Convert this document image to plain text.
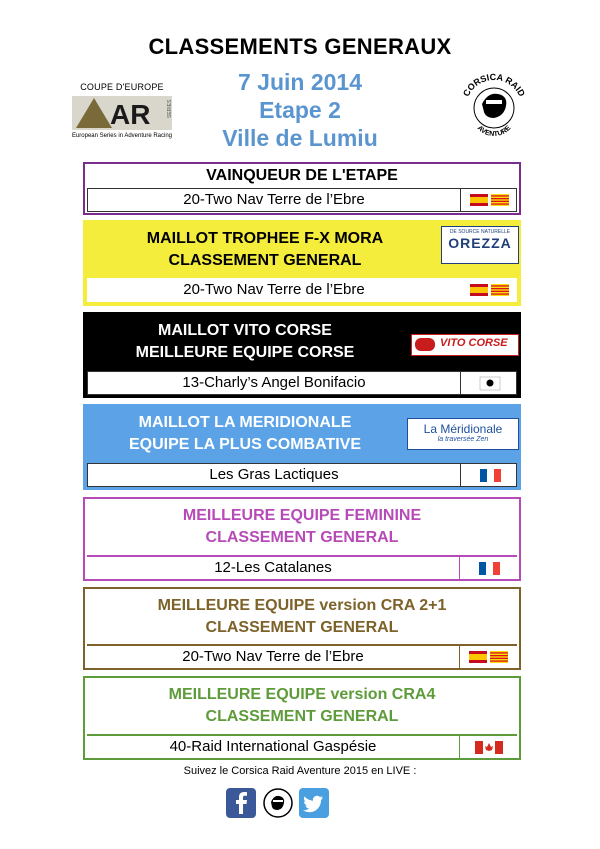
CLASSEMENTS GENERAUX
7 Juin 2014
Etape 2
Ville de Lumiu
COUPE D'EUROPE
AR	SERIES
European Series in Adventure Racing
CORSICA RAID
AVENTURE
VAINQUEUR DE L'ETAPE
20-Two Nav Terre de l’Ebre
MAILLOT TROPHEE F-X MORA
CLASSEMENT GENERAL
DE SOURCE NATURELLE
OREZZA
20-Two Nav Terre de l’Ebre
MAILLOT VITO CORSE
MEILLEURE EQUIPE CORSE
VITO CORSE
13-Charly’s Angel Bonifacio
MAILLOT LA MERIDIONALE
EQUIPE LA PLUS COMBATIVE
La Méridionale
la traversée Zen
Les Gras Lactiques
MEILLEURE EQUIPE FEMININE
CLASSEMENT GENERAL
12-Les Catalanes
MEILLEURE EQUIPE version CRA 2+1
CLASSEMENT GENERAL
20-Two Nav Terre de l’Ebre
MEILLEURE EQUIPE version CRA4
CLASSEMENT GENERAL
40-Raid International Gaspésie
Suivez le Corsica Raid Aventure 2015 en LIVE :
